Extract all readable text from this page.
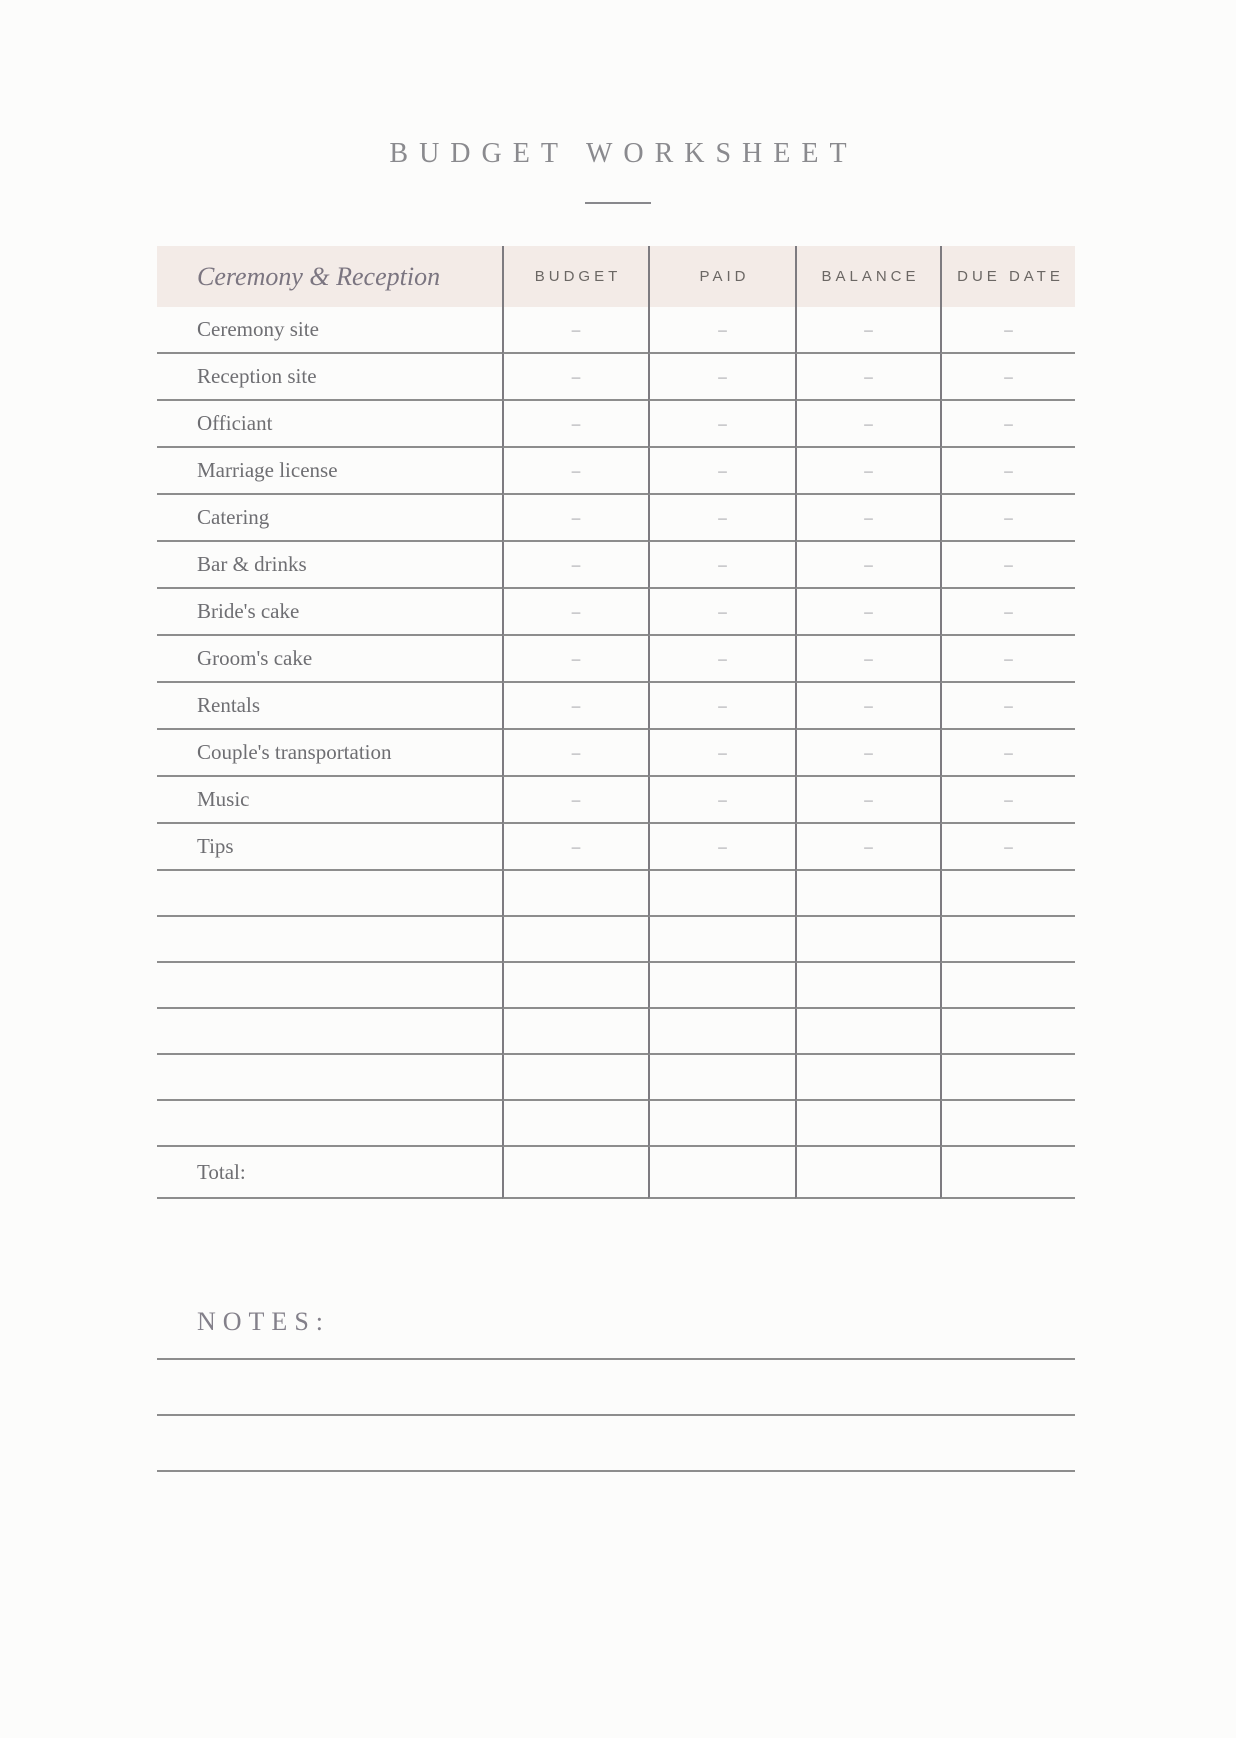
BUDGET WORKSHEET
Ceremony & Reception	BUDGET	PAID	BALANCE	DUE DATE
Ceremony site	–	–	–	–
Reception site	–	–	–	–
Officiant	–	–	–	–
Marriage license	–	–	–	–
Catering	–	–	–	–
Bar & drinks	–	–	–	–
Bride's cake	–	–	–	–
Groom's cake	–	–	–	–
Rentals	–	–	–	–
Couple's transportation	–	–	–	–
Music	–	–	–	–
Tips	–	–	–	–
Total:
NOTES:
